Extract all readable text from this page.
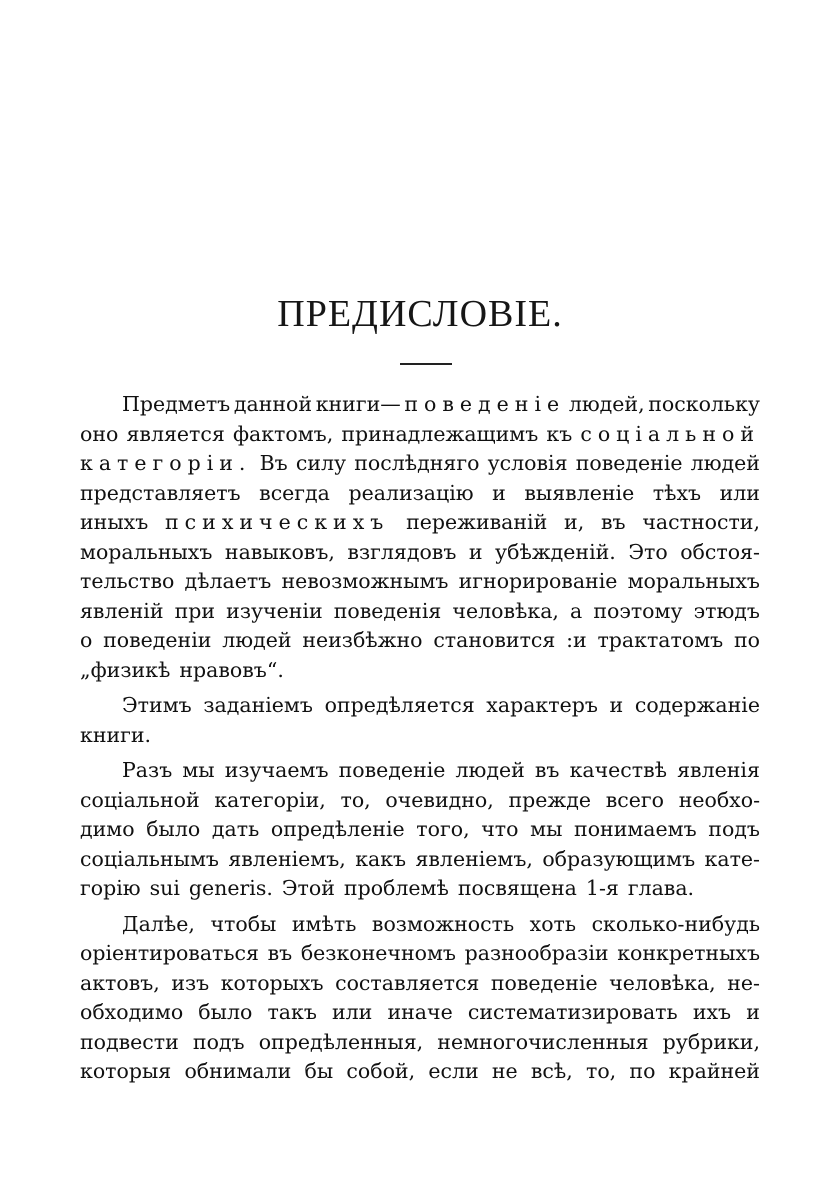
ПРЕДИСЛОВIЕ.
Предметъ данной книги— поведенiе людей, поскольку
оно является фактомъ, принадлежащимъ къ соцiальной
категорiи. Въ силу послѣдняго условiя поведенiе людей
представляетъ всегда реализацiю и выявленiе тѣхъ или
иныхъ психическихъ переживанiй и, въ частности,
моральныхъ навыковъ, взглядовъ и убѣжденiй. Это обстоя-
тельство дѣлаетъ невозможнымъ игнорированiе моральныхъ
явленiй при изученiи поведенiя человѣка, а поэтому этюдъ
о поведенiи людей неизбѣжно становится :и трактатомъ по
„физикѣ нравовъ“.
Этимъ заданiемъ опредѣляется характеръ и содержанiе
книги.
Разъ мы изучаемъ поведенiе людей въ качествѣ явленiя
соцiальной категорiи, то, очевидно, прежде всего необхо-
димо было дать опредѣленiе того, что мы понимаемъ подъ
соцiальнымъ явленiемъ, какъ явленiемъ, образующимъ кате-
горiю sui generis. Этой проблемѣ посвящена 1-я глава.
Далѣе, чтобы имѣть возможность хоть сколько-нибудь
орiентироваться въ безконечномъ разнообразiи конкретныхъ
актовъ, изъ которыхъ составляется поведенiе человѣка, не-
обходимо было такъ или иначе систематизировать ихъ и
подвести подъ опредѣленныя, немногочисленныя рубрики,
которыя обнимали бы собой, если не всѣ, то, по крайней
